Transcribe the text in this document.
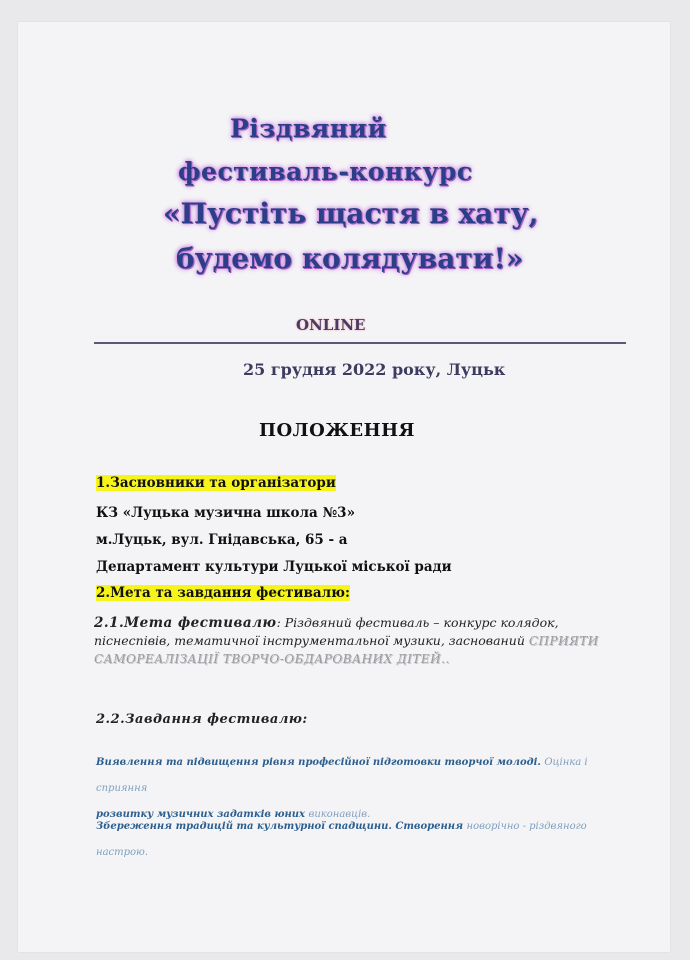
Різдвяний
фестиваль-конкурс
«Пустіть щастя в хату,
будемо колядувати!»
ONLINE
25 грудня 2022 року, Луцьк
ПОЛОЖЕННЯ
1.Засновники та організатори
КЗ «Луцька музична школа №3»
м.Луцьк, вул. Гнідавська, 65 - а
Департамент культури Луцької міської ради
2.Мета та завдання фестивалю:
2.1.Мета фестивалю: Різдвяний фестиваль – конкурс колядок, піснеспівів, тематичної інструментальної музики, заснований СПРИЯТИ САМОРЕАЛІЗАЦІЇ ТВОРЧО-ОБДАРОВАНИХ ДІТЕЙ..
2.2.Завдання фестивалю:
Виявлення та підвищення рівня професійної підготовки творчої молоді. Оцінка і сприяння
розвитку музичних задатків юних виконавців.
Збереження традицій та культурної спадщини. Створення новорічно - різдвяного настрою.
